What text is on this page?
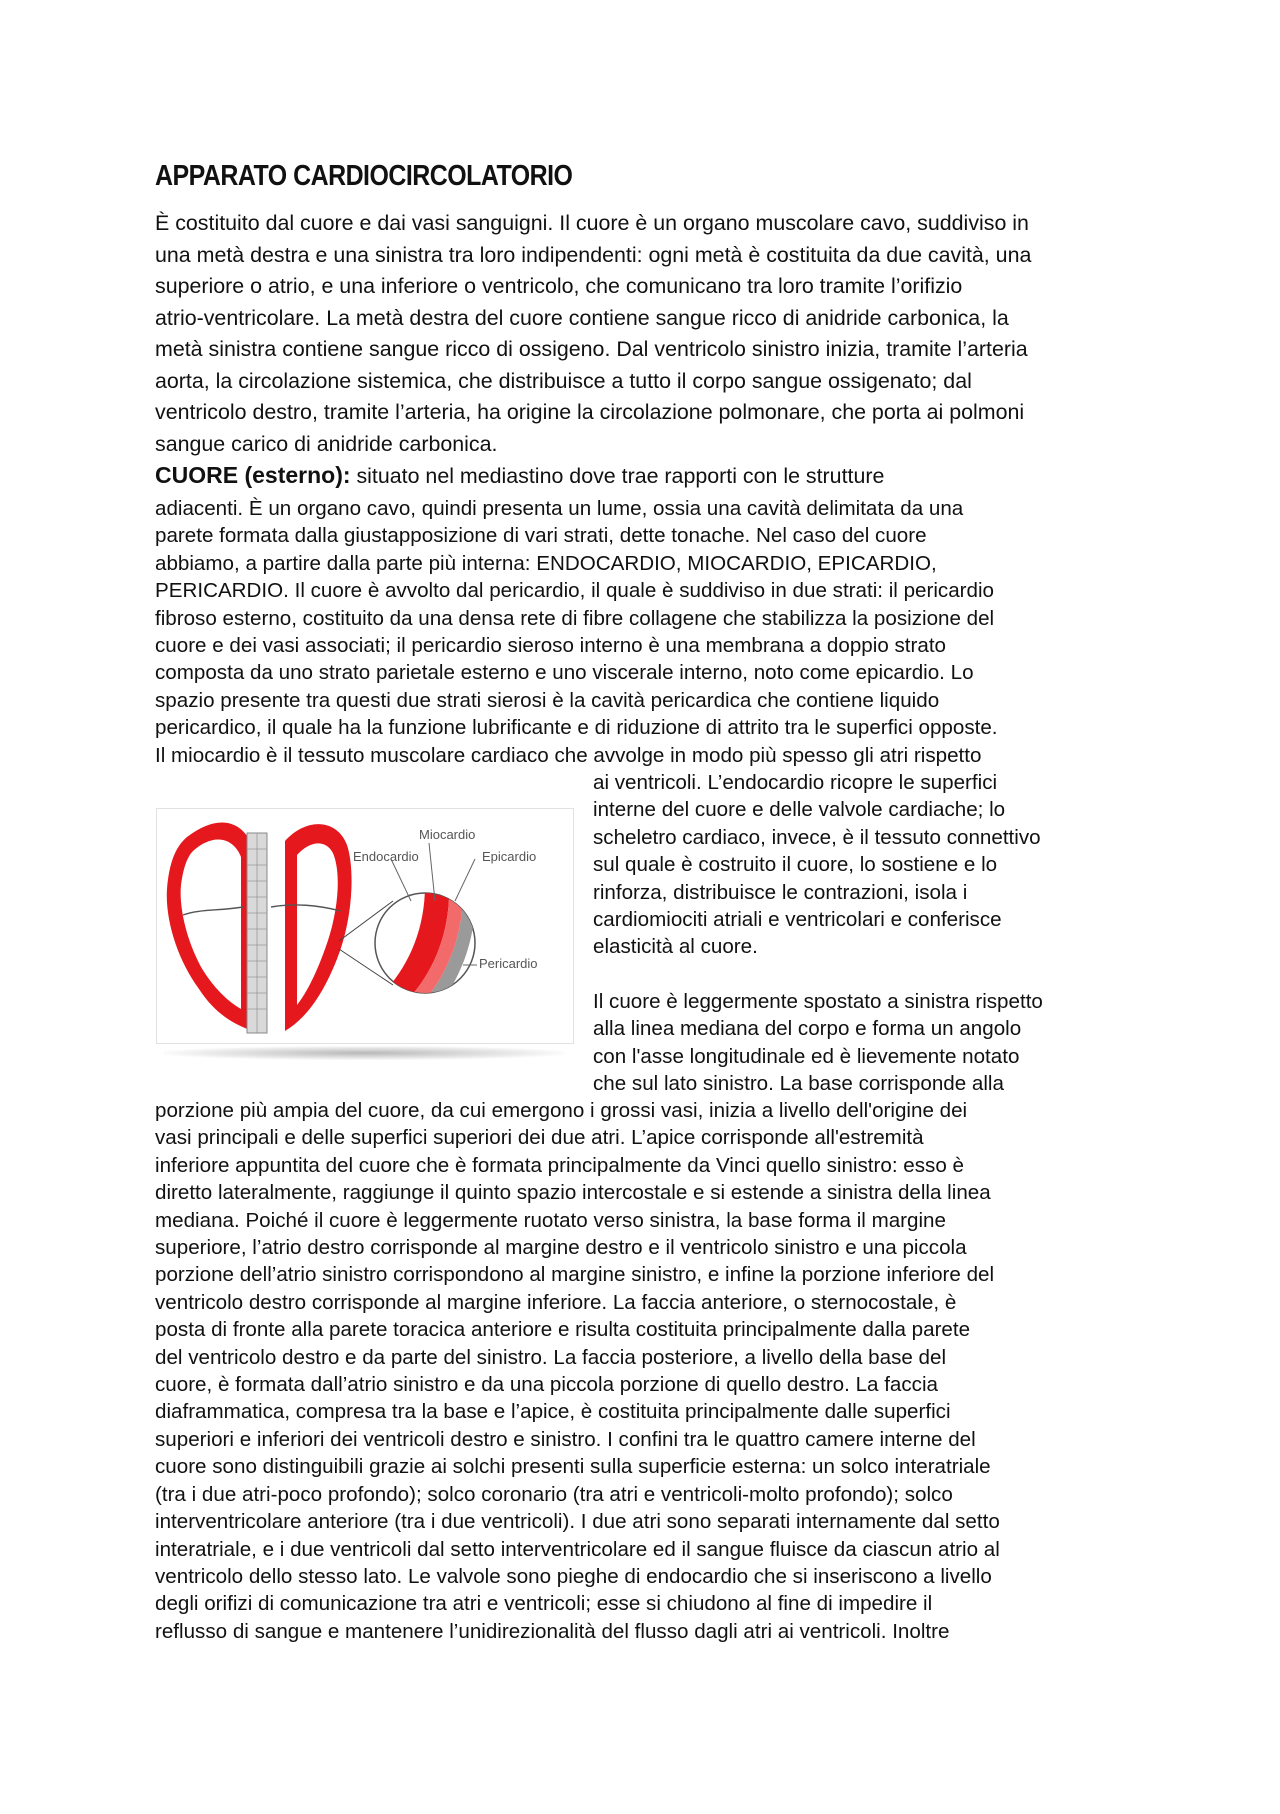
APPARATO CARDIOCIRCOLATORIO

È costituito dal cuore e dai vasi sanguigni. Il cuore è un organo muscolare cavo, suddiviso in
una metà destra e una sinistra tra loro indipendenti: ogni metà è costituita da due cavità, una
superiore o atrio, e una inferiore o ventricolo, che comunicano tra loro tramite l’orifizio
atrio-ventricolare. La metà destra del cuore contiene sangue ricco di anidride carbonica, la
metà sinistra contiene sangue ricco di ossigeno. Dal ventricolo sinistro inizia, tramite l’arteria
aorta, la circolazione sistemica, che distribuisce a tutto il corpo sangue ossigenato; dal
ventricolo destro, tramite l’arteria, ha origine la circolazione polmonare, che porta ai polmoni
sangue carico di anidride carbonica.

CUORE (esterno): situato nel mediastino dove trae rapporti con le strutture

adiacenti. È un organo cavo, quindi presenta un lume, ossia una cavità delimitata da una
parete formata dalla giustapposizione di vari strati, dette tonache. Nel caso del cuore
abbiamo, a partire dalla parte più interna: ENDOCARDIO, MIOCARDIO, EPICARDIO,
PERICARDIO. Il cuore è avvolto dal pericardio, il quale è suddiviso in due strati: il pericardio
fibroso esterno, costituito da una densa rete di fibre collagene che stabilizza la posizione del
cuore e dei vasi associati; il pericardio sieroso interno è una membrana a doppio strato
composta da uno strato parietale esterno e uno viscerale interno, noto come epicardio. Lo
spazio presente tra questi due strati sierosi è la cavità pericardica che contiene liquido
pericardico, il quale ha la funzione lubrificante e di riduzione di attrito tra le superfici opposte.
Il miocardio è il tessuto muscolare cardiaco che avvolge in modo più spesso gli atri rispetto

ai ventricoli. L’endocardio ricopre le superfici
interne del cuore e delle valvole cardiache; lo
scheletro cardiaco, invece, è il tessuto connettivo
sul quale è costruito il cuore, lo sostiene e lo
rinforza, distribuisce le contrazioni, isola i
cardiomiociti atriali e ventricolari e conferisce
elasticità al cuore.

Il cuore è leggermente spostato a sinistra rispetto
alla linea mediana del corpo e forma un angolo
con l'asse longitudinale ed è lievemente notato
che sul lato sinistro. La base corrisponde alla

porzione più ampia del cuore, da cui emergono i grossi vasi, inizia a livello dell'origine dei
vasi principali e delle superfici superiori dei due atri. L’apice corrisponde all'estremità
inferiore appuntita del cuore che è formata principalmente da Vinci quello sinistro: esso è
diretto lateralmente, raggiunge il quinto spazio intercostale e si estende a sinistra della linea
mediana. Poiché il cuore è leggermente ruotato verso sinistra, la base forma il margine
superiore, l’atrio destro corrisponde al margine destro e il ventricolo sinistro e una piccola
porzione dell’atrio sinistro corrispondono al margine sinistro, e infine la porzione inferiore del
ventricolo destro corrisponde al margine inferiore. La faccia anteriore, o sternocostale, è
posta di fronte alla parete toracica anteriore e risulta costituita principalmente dalla parete
del ventricolo destro e da parte del sinistro. La faccia posteriore, a livello della base del
cuore, è formata dall’atrio sinistro e da una piccola porzione di quello destro. La faccia
diaframmatica, compresa tra la base e l’apice, è costituita principalmente dalle superfici
superiori e inferiori dei ventricoli destro e sinistro. I confini tra le quattro camere interne del
cuore sono distinguibili grazie ai solchi presenti sulla superficie esterna: un solco interatriale
(tra i due atri-poco profondo); solco coronario (tra atri e ventricoli-molto profondo); solco
interventricolare anteriore (tra i due ventricoli). I due atri sono separati internamente dal setto
interatriale, e i due ventricoli dal setto interventricolare ed il sangue fluisce da ciascun atrio al
ventricolo dello stesso lato. Le valvole sono pieghe di endocardio che si inseriscono a livello
degli orifizi di comunicazione tra atri e ventricoli; esse si chiudono al fine di impedire il
reflusso di sangue e mantenere l’unidirezionalità del flusso dagli atri ai ventricoli. Inoltre

Miocardio
Endocardio	Epicardio
Pericardio
